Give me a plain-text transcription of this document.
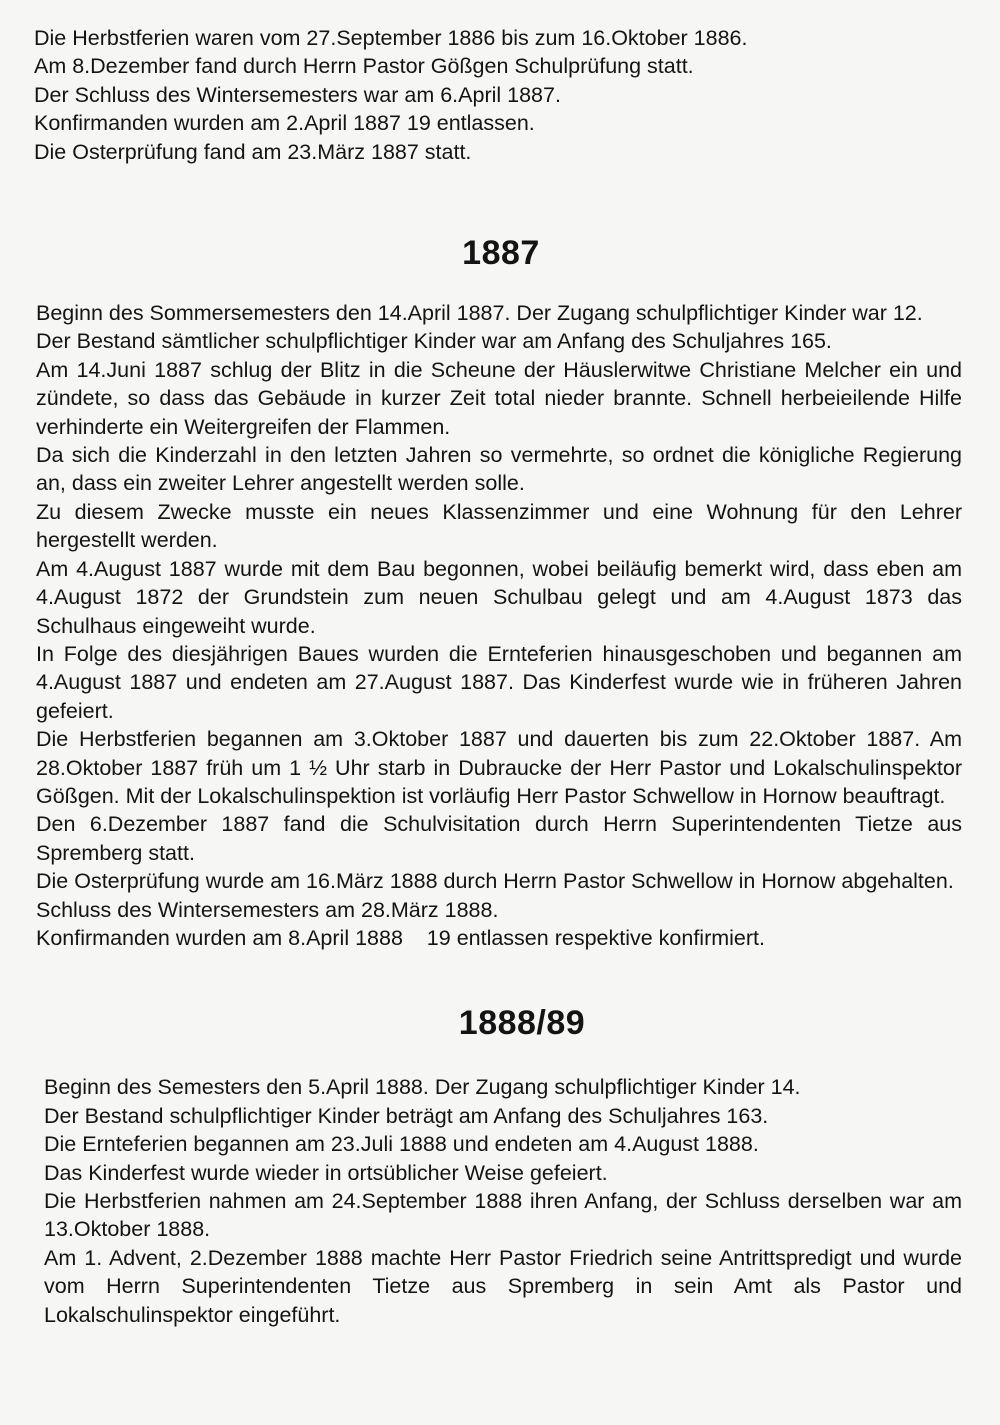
Die Herbstferien waren vom 27.September 1886 bis zum 16.Oktober 1886.

Am 8.Dezember fand durch Herrn Pastor Gößgen Schulprüfung statt.

Der Schluss des Wintersemesters war am 6.April 1887.

Konfirmanden wurden am 2.April 1887 19 entlassen.

Die Osterprüfung fand am 23.März 1887 statt.

1887

Beginn des Sommersemesters den 14.April 1887. Der Zugang schulpflichtiger Kinder war 12.

Der Bestand sämtlicher schulpflichtiger Kinder war am Anfang des Schuljahres 165.

Am 14.Juni 1887 schlug der Blitz in die Scheune der Häuslerwitwe Christiane Melcher ein und zündete, so dass das Gebäude in kurzer Zeit total nieder brannte. Schnell herbeieilende Hilfe verhinderte ein Weitergreifen der Flammen.

Da sich die Kinderzahl in den letzten Jahren so vermehrte, so ordnet die königliche Regierung an, dass ein zweiter Lehrer angestellt werden solle.

Zu diesem Zwecke musste ein neues Klassenzimmer und eine Wohnung für den Lehrer hergestellt werden.

Am 4.August 1887 wurde mit dem Bau begonnen, wobei beiläufig bemerkt wird, dass eben am 4.August 1872 der Grundstein zum neuen Schulbau gelegt und am 4.August 1873 das Schulhaus eingeweiht wurde.

In Folge des diesjährigen Baues wurden die Ernteferien hinausgeschoben und begannen am 4.August 1887 und endeten am 27.August 1887. Das Kinderfest wurde wie in früheren Jahren gefeiert.

Die Herbstferien begannen am 3.Oktober 1887 und dauerten bis zum 22.Oktober 1887. Am 28.Oktober 1887 früh um 1 ½ Uhr starb in Dubraucke der Herr Pastor und Lokalschulinspektor Gößgen. Mit der Lokalschulinspektion ist vorläufig Herr Pastor Schwellow in Hornow beauftragt.

Den 6.Dezember 1887 fand die Schulvisitation durch Herrn Superintendenten Tietze aus Spremberg statt.

Die Osterprüfung wurde am 16.März 1888 durch Herrn Pastor Schwellow in Hornow abgehalten.

Schluss des Wintersemesters am 28.März 1888.

Konfirmanden wurden am 8.April 1888    19 entlassen respektive konfirmiert.

1888/89

Beginn des Semesters den 5.April 1888. Der Zugang schulpflichtiger Kinder 14.

Der Bestand schulpflichtiger Kinder beträgt am Anfang des Schuljahres 163.

Die Ernteferien begannen am 23.Juli 1888 und endeten am 4.August 1888.

Das Kinderfest wurde wieder in ortsüblicher Weise gefeiert.

Die Herbstferien nahmen am 24.September 1888 ihren Anfang, der Schluss derselben war am 13.Oktober 1888.

Am 1. Advent, 2.Dezember 1888 machte Herr Pastor Friedrich seine Antrittspredigt und wurde vom Herrn Superintendenten Tietze aus Spremberg in sein Amt als Pastor und Lokalschulinspektor eingeführt.
